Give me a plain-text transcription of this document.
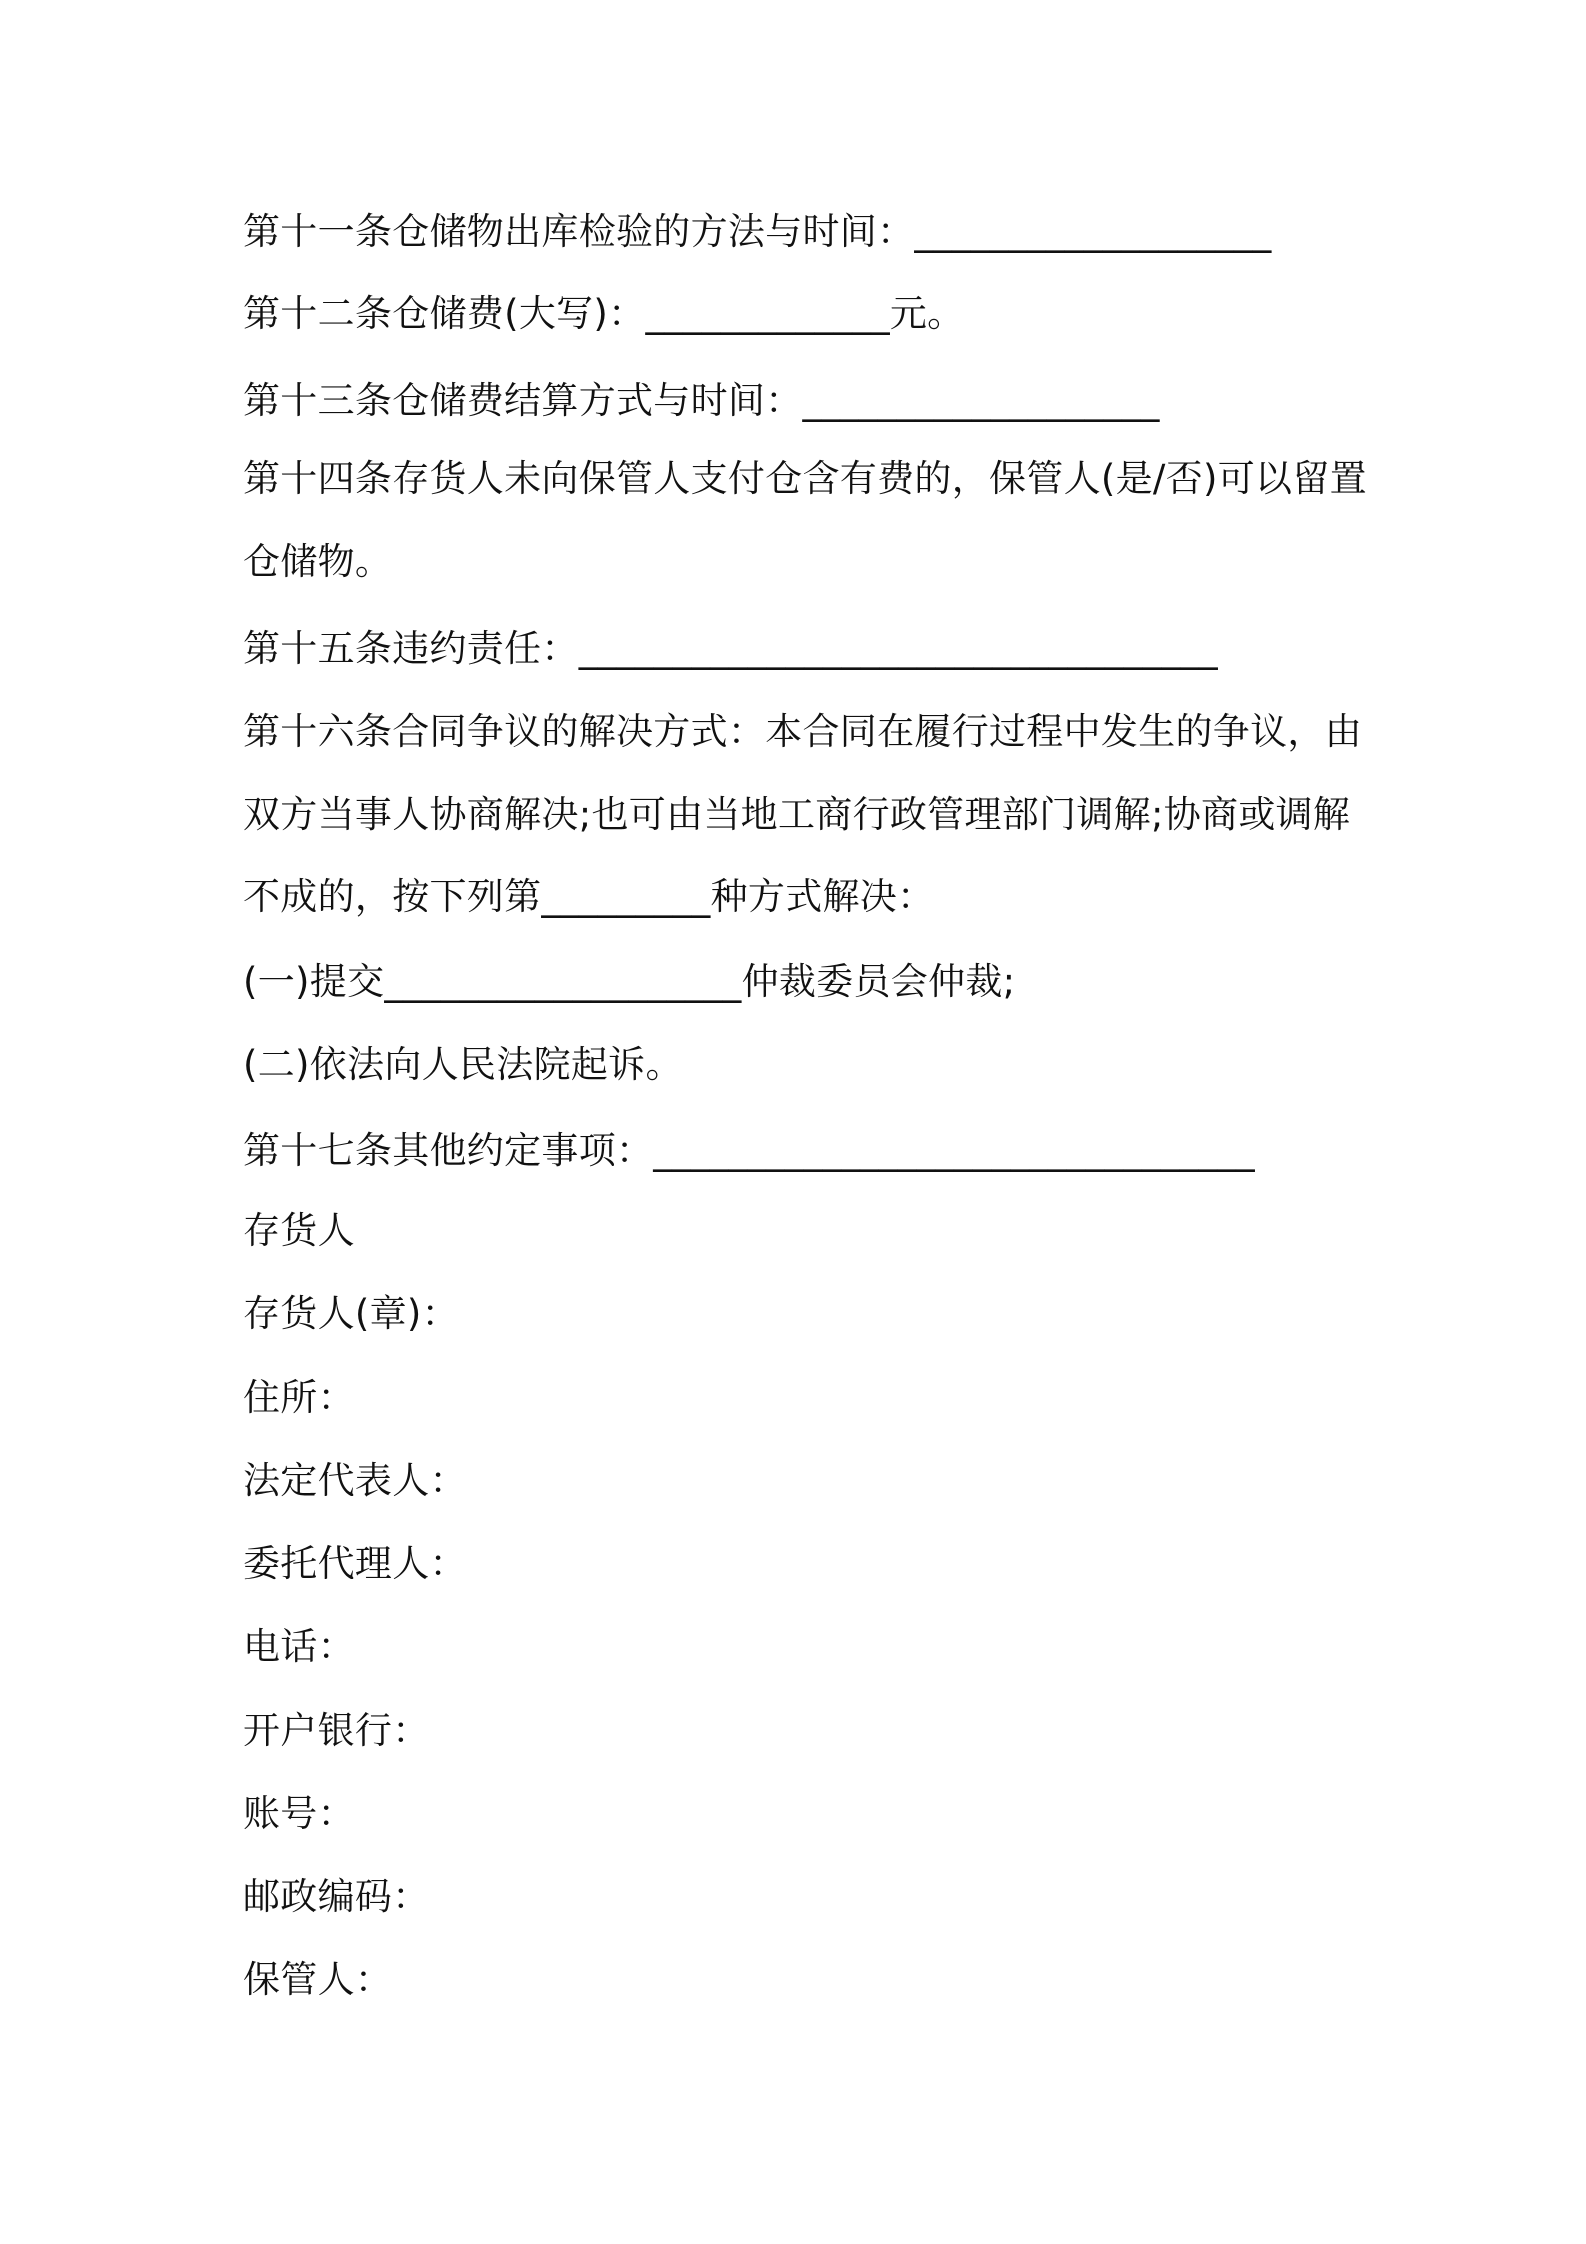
第十一条仓储物出库检验的方法与时间：___________________

第十二条仓储费(大写)：_____________元。

第十三条仓储费结算方式与时间：___________________

第十四条存货人未向保管人支付仓含有费的，保管人(是/否)可以留置

仓储物。

第十五条违约责任：__________________________________

第十六条合同争议的解决方式：本合同在履行过程中发生的争议，由

双方当事人协商解决;也可由当地工商行政管理部门调解;协商或调解

不成的，按下列第_________种方式解决：

(一)提交___________________仲裁委员会仲裁;

(二)依法向人民法院起诉。

第十七条其他约定事项：________________________________

存货人

存货人(章)：

住所：

法定代表人：

委托代理人：

电话：

开户银行：

账号：

邮政编码：

保管人：
